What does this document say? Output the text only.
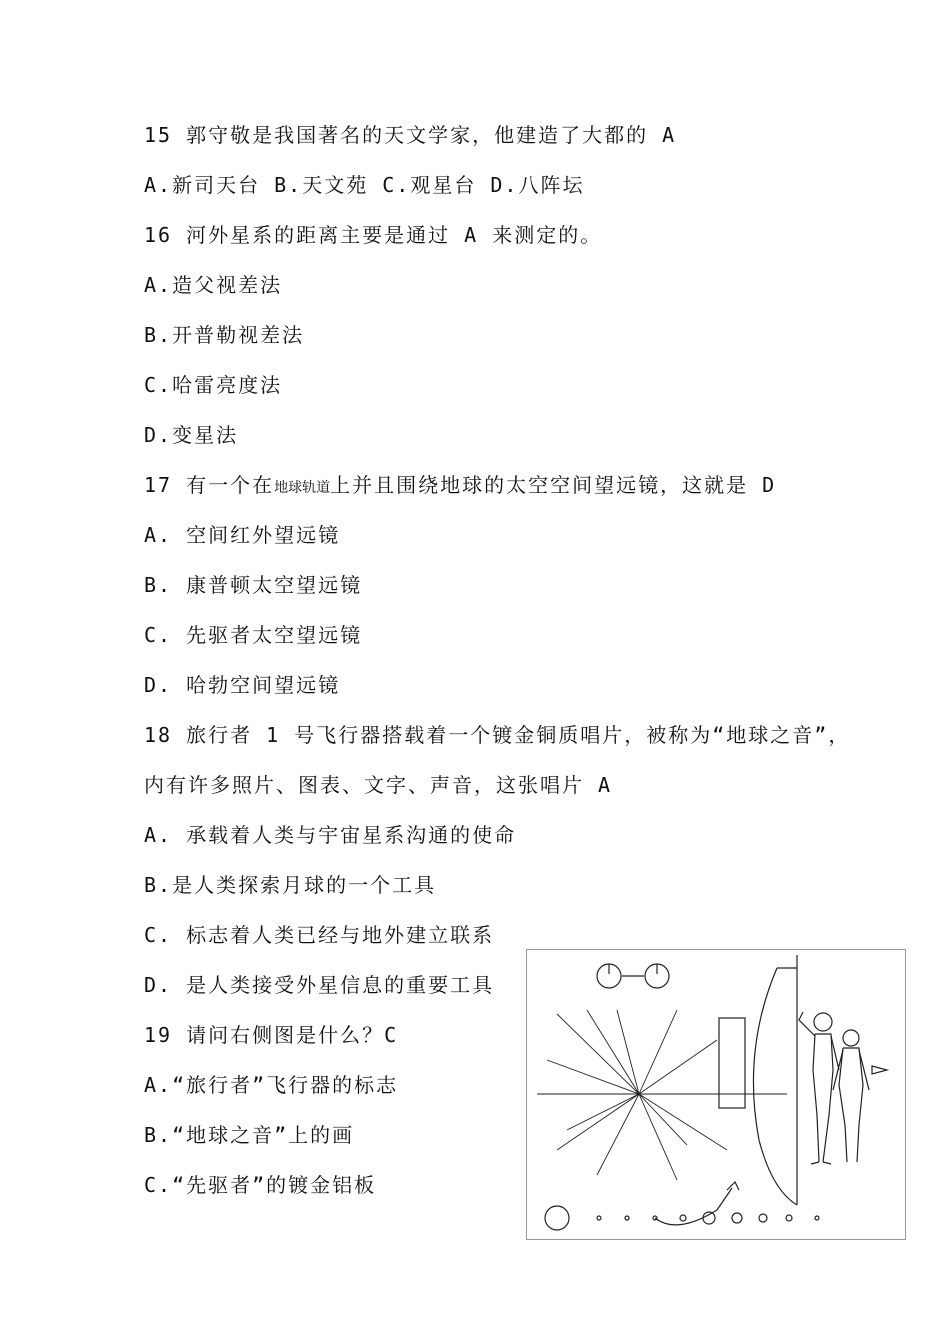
15 郭守敬是我国著名的天文学家，他建造了大都的 A
A.新司天台 B.天文苑 C.观星台 D.八阵坛
16 河外星系的距离主要是通过 A 来测定的。
A.造父视差法
B.开普勒视差法
C.哈雷亮度法
D.变星法
17 有一个在地球轨道上并且围绕地球的太空空间望远镜，这就是 D
A. 空间红外望远镜
B. 康普顿太空望远镜
C. 先驱者太空望远镜
D. 哈勃空间望远镜
18 旅行者 1 号飞行器搭载着一个镀金铜质唱片，被称为“地球之音”，
内有许多照片、图表、文字、声音，这张唱片 A
A. 承载着人类与宇宙星系沟通的使命
B.是人类探索月球的一个工具
C. 标志着人类已经与地外建立联系
D. 是人类接受外星信息的重要工具
19 请问右侧图是什么？C
A.“旅行者”飞行器的标志
B.“地球之音”上的画
C.“先驱者”的镀金铝板
